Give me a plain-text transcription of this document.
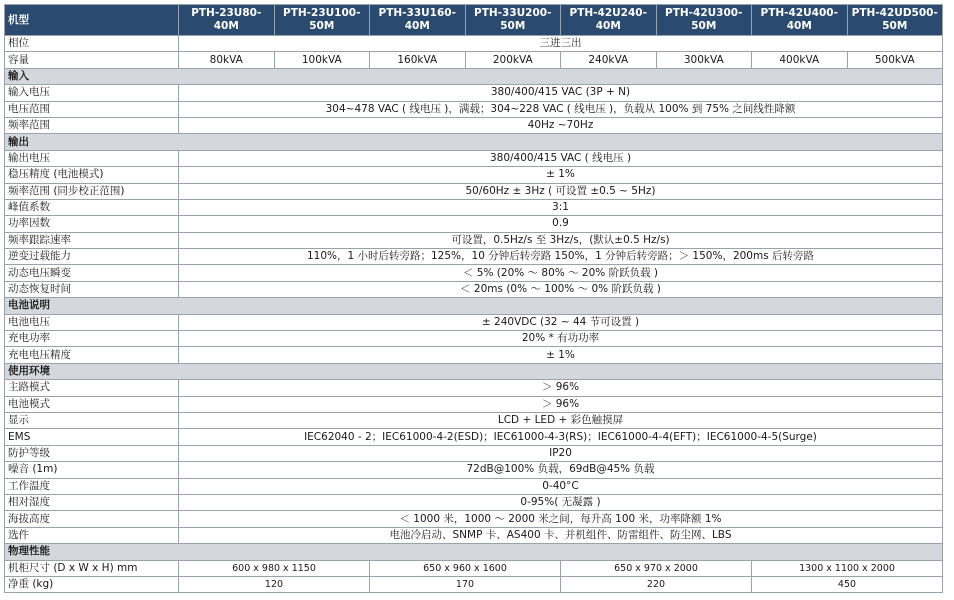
机型	PTH-23U80-40M	PTH-23U100-50M	PTH-33U160-40M	PTH-33U200-50M	PTH-42U240-40M	PTH-42U300-50M	PTH-42U400-40M	PTH-42UD500-50M
相位	三进三出							
容量	80kVA	100kVA	160kVA	200kVA	240kVA	300kVA	400kVA	500kVA
输入								
输入电压	380/400/415 VAC (3P + N)							
电压范围	304~478 VAC ( 线电压 )，满载；304~228 VAC ( 线电压 )，负载从 100% 到 75% 之间线性降额							
频率范围	40Hz ~70Hz							
输出								
输出电压	380/400/415 VAC ( 线电压 )							
稳压精度 (电池模式)	± 1%							
频率范围 (同步校正范围)	50/60Hz ± 3Hz ( 可设置 ±0.5 ~ 5Hz)							
峰值系数	3:1							
功率因数	0.9							
频率跟踪速率	可设置，0.5Hz/s 至 3Hz/s，(默认±0.5 Hz/s)							
逆变过载能力	110%，1 小时后转旁路；125%，10 分钟后转旁路 150%，1 分钟后转旁路；＞ 150%，200ms 后转旁路							
动态电压瞬变	＜ 5% (20% ～ 80% ～ 20% 阶跃负载 )							
动态恢复时间	＜ 20ms (0% ～ 100% ～ 0% 阶跃负载 )							
电池说明								
电池电压	± 240VDC (32 ~ 44 节可设置 )							
充电功率	20% * 有功功率							
充电电压精度	± 1%							
使用环境								
主路模式	＞ 96%							
电池模式	＞ 96%							
显示	LCD + LED + 彩色触摸屏							
EMS	IEC62040 - 2；IEC61000-4-2(ESD)；IEC61000-4-3(RS)；IEC61000-4-4(EFT)；IEC61000-4-5(Surge)							
防护等级	IP20							
噪音 (1m)	72dB@100% 负载，69dB@45% 负载							
工作温度	0-40°C							
相对湿度	0-95%( 无凝露 )							
海拔高度	＜ 1000 米，1000 ～ 2000 米之间，每升高 100 米，功率降额 1%							
选件	电池冷启动、SNMP 卡、AS400 卡、并机组件、防雷组件、防尘网、LBS							
物理性能								
机柜尺寸 (D x W x H) mm	600 x 980 x 1150		650 x 960 x 1600		650 x 970 x 2000		1300 x 1100 x 2000	
净重 (kg)	120		170		220		450	
